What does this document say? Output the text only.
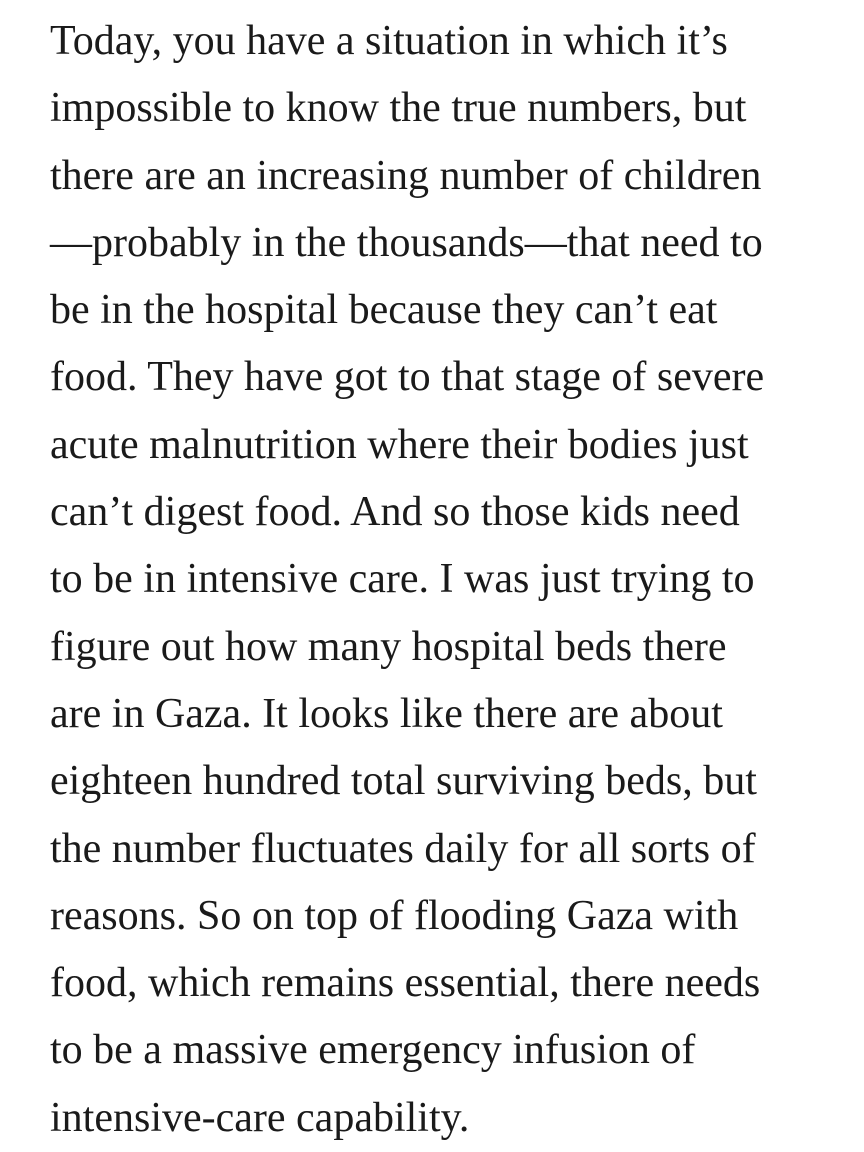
Today, you have a situation in which it’s
impossible to know the true numbers, but
there are an increasing number of children
—probably in the thousands—that need to
be in the hospital because they can’t eat
food. They have got to that stage of severe
acute malnutrition where their bodies just
can’t digest food. And so those kids need
to be in intensive care. I was just trying to
figure out how many hospital beds there
are in Gaza. It looks like there are about
eighteen hundred total surviving beds, but
the number fluctuates daily for all sorts of
reasons. So on top of flooding Gaza with
food, which remains essential, there needs
to be a massive emergency infusion of
intensive-care capability.
